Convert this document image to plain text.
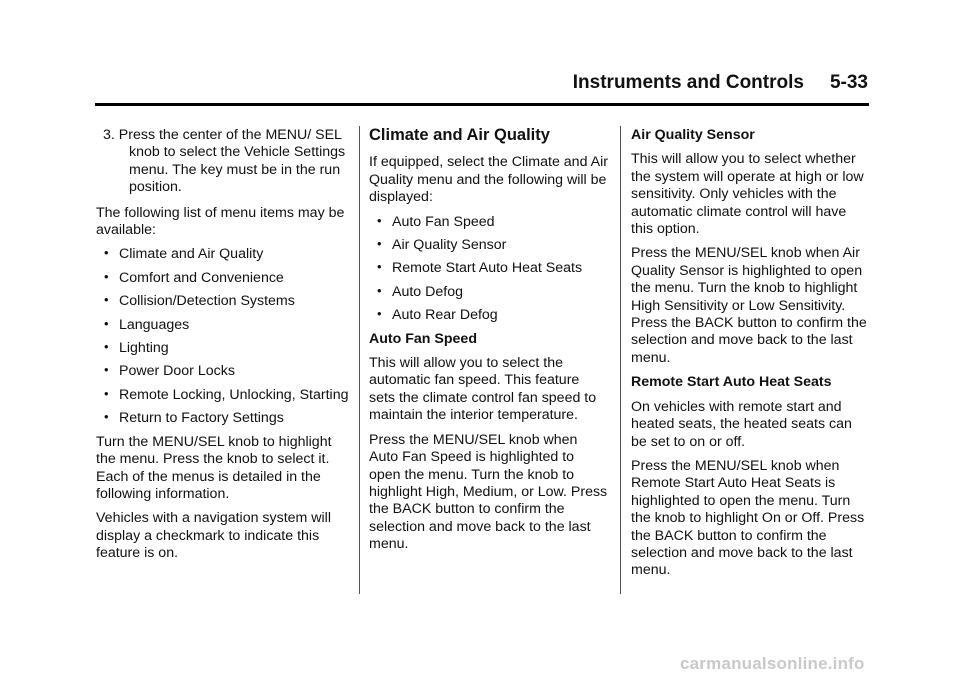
Instruments and Controls 5-33

3. Press the center of the MENU/ SEL knob to select the Vehicle Settings menu. The key must be in the run position.

The following list of menu items may be available:

• Climate and Air Quality
• Comfort and Convenience
• Collision/Detection Systems
• Languages
• Lighting
• Power Door Locks
• Remote Locking, Unlocking, Starting
• Return to Factory Settings

Turn the MENU/SEL knob to highlight the menu. Press the knob to select it. Each of the menus is detailed in the following information.

Vehicles with a navigation system will display a checkmark to indicate this feature is on.

Climate and Air Quality

If equipped, select the Climate and Air Quality menu and the following will be displayed:

• Auto Fan Speed
• Air Quality Sensor
• Remote Start Auto Heat Seats
• Auto Defog
• Auto Rear Defog

Auto Fan Speed

This will allow you to select the automatic fan speed. This feature sets the climate control fan speed to maintain the interior temperature.

Press the MENU/SEL knob when Auto Fan Speed is highlighted to open the menu. Turn the knob to highlight High, Medium, or Low. Press the BACK button to confirm the selection and move back to the last menu.

Air Quality Sensor

This will allow you to select whether the system will operate at high or low sensitivity. Only vehicles with the automatic climate control will have this option.

Press the MENU/SEL knob when Air Quality Sensor is highlighted to open the menu. Turn the knob to highlight High Sensitivity or Low Sensitivity. Press the BACK button to confirm the selection and move back to the last menu.

Remote Start Auto Heat Seats

On vehicles with remote start and heated seats, the heated seats can be set to on or off.

Press the MENU/SEL knob when Remote Start Auto Heat Seats is highlighted to open the menu. Turn the knob to highlight On or Off. Press the BACK button to confirm the selection and move back to the last menu.

carmanualsonline.info
